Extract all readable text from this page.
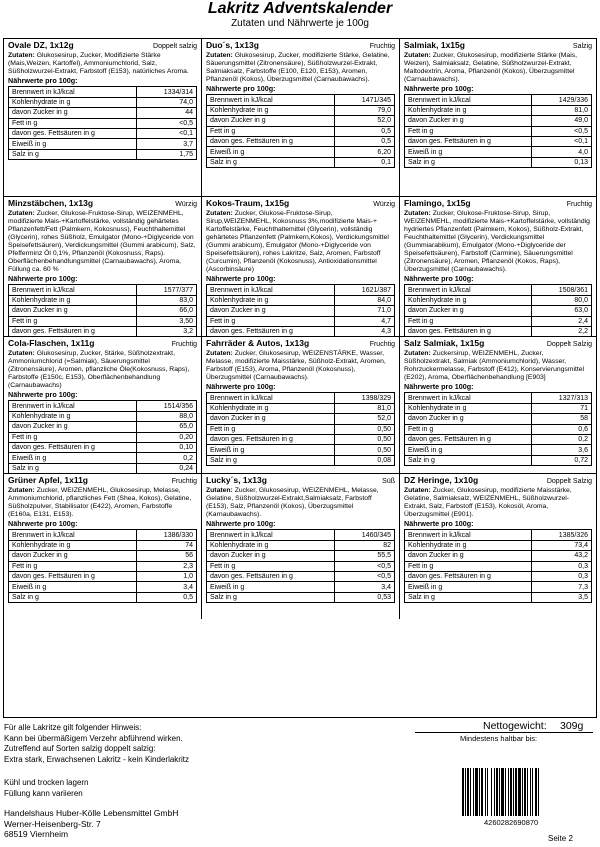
Lakritz Adventskalender
Zutaten und Nährwerte je 100g
Ovale DZ, 1x12g	Doppelt salzig
Zutaten: Glukosesirup, Zucker, Modifizierte Stärke (Mais,Weizen, Kartoffel), Ammoniumchlorid, Salz, Süßholzwurzel-Extrakt, Farbstoff (E153), natürliches Aroma.
Nährwerte pro 100g:
Brennwert in kJ/kcal	1334/314
Kohlenhydrate in g	74,0
davon Zucker in g	44
Fett in g	<0,5
davon ges. Fettsäuren in g	<0,1
Eiweiß in g	3,7
Salz in g	1,75
Duo´s, 1x13g	Fruchtig
Zutaten: Glukosesirup, Zucker, modifizierte Stärke, Gelatine, Säuerungsmittel (Zitronensäure), Süßholzwurzel-Extrakt, Salmiaksalz, Farbstoffe (E100, E120, E153), Aromen, Pflanzenöl (Kokos), Überzugsmittel (Carnaubawachs).
Nährwerte pro 100g:
Brennwert in kJ/kcal	1471/345
Kohlenhydrate in g	79,0
davon Zucker in g	52,0
Fett in g	0,5
davon ges. Fettsäuren in g	0,5
Eiweiß in g	6,20
Salz in g	0,1
Salmiak, 1x15g	Salzig
Zutaten: Zucker, Glukosesirup, modifizierte Stärke (Mais, Weizen), Salmiaksalz, Gelatine, Süßholzwurzel-Extrakt, Maltodextrin, Aroma, Pflanzenöl (Kokos), Überzugsmittel (Carnaubawachs).
Nährwerte pro 100g:
Brennwert in kJ/kcal	1429/336
Kohlenhydrate in g	81,0
davon Zucker in g	49,0
Fett in g	<0,5
davon ges. Fettsäuren in g	<0,1
Eiweiß in g	4,0
Salz in g	0,13
Minzstäbchen, 1x13g	Würzig
Zutaten: Zucker, Glukose-Fruktose-Sirup, WEIZENMEHL, modifizierte Mais-+Kartoffelstärke, vollständig gehärtetes Pflanzenfett/Fett (Palmkern, Kokosnuss), Feuchthaltemittel (Glycerin), rohes Süßholz, Emulgator (Mono-+Diglyceride von Speisefettsäuren), Verdickungsmittel (Gummi arabicum), Salz, Pfefferminz Öl 0,1%, Pflanzenöl (Kokosnuss, Raps). Oberflächenbehandlungsmittel (Carnaubawachs), Aroma, Füllung ca. 60 %
Nährwerte pro 100g:
Brennwert in kJ/kcal	1577/377
Kohlenhydrate in g	83,0
davon Zucker in g	66,0
Fett in g	3,50
davon ges. Fettsäuren in g	3,2

Kokos-Traum, 1x15g	Würzig
Zutaten: Zucker, Glukose-Fruktose-Sirup, Sirup,WEIZENMEHL, Kokosnuss 3%,modifizierte Mais-+ Kartoffelstärke, Feuchthaltemittel (Glycerin), vollständig gehärtetes Pflanzenfett (Palmkern,Kokos), Verdickungsmittel (Gummi arabicum), Emulgator (Mono-+Diglyceride von Speisefettsäuren), rohes Lakritze, Salz, Aromen, Farbstoff (Curcumin), Pflanzenöl (Kokosnuss), Antioxidationsmittel (Ascorbinsäure)
Nährwerte pro 100g:
Brennwert in kJ/kcal	1621/387
Kohlenhydrate in g	84,0
davon Zucker in g	71,0
Fett in g	4,7
davon ges. Fettsäuren in g	4,3

Flamingo, 1x15g	Fruchtig
Zutaten: Zucker, Glukose-Fruktose-Sirup, Sirup, WEIZENMEHL, modifizierte Mais-+Kartoffelstärke, vollständig hydriertes Pflanzenfett (Palmkern, Kokos), Süßholz-Extrakt, Feuchthaltemittel (Glycerin), Verdickungsmittel (Gummiarabikum), Emulgator (Mono-+Diglyceride der Speisefettsäuren), Farbstoff (Carmine), Säuerungsmittel (Zitronensäure), Aromen, Pflanzenöl (Kokos, Raps), Überzugsmittel (Carnaubawachs).
Nährwerte pro 100g:
Brennwert in kJ/kcal	1508/361
Kohlenhydrate in g	80,0
davon Zucker in g	63,0
Fett in g	2,4
davon ges. Fettsäuren in g	2,2

Cola-Flaschen, 1x11g	Fruchtig
Zutaten: Glukosesirup, Zucker, Stärke, Süßholzextrakt, Ammoniumchlorid (=Salmiak), Säuerungsmittel (Zitronensäure), Aromen, pflanzliche Öle(Kokosnuss, Raps), Farbstoffe (E150c, E153), Oberflächenbehandlung (Carnaubawachs)
Nährwerte pro 100g:
Brennwert in kJ/kcal	1514/356
Kohlenhydrate in g	88,0
davon Zucker in g	65,0
Fett in g	0,20
davon ges. Fettsäuren in g	0,10
Eiweiß in g	0,2
Salz in g	0,24
Fahrräder & Autos, 1x13g	Fruchtig
Zutaten: Zucker, Glukosesirup, WEIZENSTÄRKE, Wasser, Melasse, modifizierte Maisstärke, Süßholz-Extrakt, Aromen, Farbstoff (E153), Aroma, Pflanzenöl (Kokosnuss), Überzugsmittel (Carnaubawachs).
Nährwerte pro 100g:
Brennwert in kJ/kcal	1398/329
Kohlenhydrate in g	81,0
davon Zucker in g	52,0
Fett in g	0,50
davon ges. Fettsäuren in g	0,50
Eiweiß in g	0,50
Salz in g	0,08
Salz Salmiak, 1x15g	Doppelt Salzig
Zutaten: Zuckersirup, WEIZENMEHL, Zucker, Süßholzextrakt, Salmiak (Ammoniumchlorid), Wasser, Rohrzuckermelasse, Farbstoff (E412), Konservierungsmittel (E202), Aroma, Oberflächenbehandlung [E903]
Nährwerte pro 100g:
Brennwert in kJ/kcal	1327/313
Kohlenhydrate in g	71
davon Zucker in g	58
Fett in g	0,6
davon ges. Fettsäuren in g	0,2
Eiweiß in g	3,6
Salz in g	0,72
Grüner Apfel, 1x11g	Fruchtig
Zutaten: Zucker, WEIZENMEHL, Glukosesirup, Melasse, Ammoniumchlorid, pflanzliches Fett (Shea, Kokos), Gelatine, Süßholzpulver, Stabilisator (E422), Aromen, Farbstoffe (E160a, E131, E153).
Nährwerte pro 100g:
Brennwert in kJ/kcal	1386/330
Kohlenhydrate in g	74
davon Zucker in g	56
Fett in g	2,3
davon ges. Fettsäuren in g	1,0
Eiweiß in g	3,4
Salz in g	0,5
Lucky´s, 1x13g	Süß
Zutaten: Zucker, Glukosesirup, WEIZENMEHL, Melasse, Gelatine, Süßholzwurzel-Extrakt,Salmiaksalz, Farbstoff (E153), Salz, Pflanzenöl (Kokos), Überzugsmittel (Karnaubawachs).
Nährwerte pro 100g:
Brennwert in kJ/kcal	1460/345
Kohlenhydrate in g	82
davon Zucker in g	55,5
Fett in g	<0,5
davon ges. Fettsäuren in g	<0,5
Eiweiß in g	3,4
Salz in g	0,53
DZ Heringe, 1x10g	Doppelt Salzig
Zutaten: Zucker, Glukosesirup, modifizierte Maisstärke, Gelatine, Salmiaksalz, WEIZENMEHL, Süßholzwurzel-Extrakt, Salz, Farbstoff (E153), Kokosöl, Aroma, Überzugsmittel (E901).
Nährwerte pro 100g:
Brennwert in kJ/kcal	1385/326
Kohlenhydrate in g	73,4
davon Zucker in g	43,2
Fett in g	0,3
davon ges. Fettsäuren in g	0,3
Eiweiß in g	7,3
Salz in g	3,5
Für alle Lakritze gilt folgender Hinweis:
Kann bei übermäßigem Verzehr abführend wirken.
Zutreffend auf Sorten salzig doppelt salzig:
Extra stark, Erwachsenen Lakritz - kein Kinderlakritz
Kühl und trocken lagern
Füllung kann variieren
Handelshaus Huber-Kölle Lebensmittel GmbH
Werner-Heisenberg-Str. 7
68519 Viernheim
Nettogewicht: 309g
Mindestens haltbar bis:
4260282690870
Seite 2
